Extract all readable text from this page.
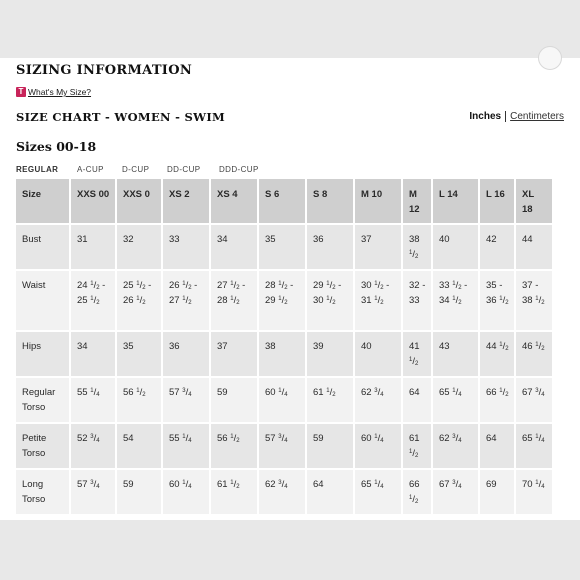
SIZING INFORMATION
T What's My Size?
SIZE CHART - WOMEN - SWIM	Inches Centimeters
Sizes 00-18
REGULAR A-CUP D-CUP DD-CUP DDD-CUP
Size	XXS 00	XXS 0	XS 2	XS 4	S 6	S 8	M 10	M 12	L 14	L 16	XL 18
Bust	31	32	33	34	35	36	37	38 $^1/_2$	40	42	44
Waist	24 $^1/_2 - 25$ $^1/_2$	25 $^1/_2 - 26$ $^1/_2$	26 $^1/_2 - 27$ $^1/_2$	27 $^1/_2 - 28$ $^1/_2$	28 $^1/_2 - 29$ $^1/_2$	29 $^1/_2 - 30$ $^1/_2$	30 $^1/_2 - 31$ $^1/_2$	32 - 33	33 $^1/_2 - 34$ $^1/_2$	35 - 36 $^1/_2$	37 - 38 $^1/_2$
Hips	34	35	36	37	38	39	40	41 $^1/_2$	43	44 $^1/_2$	46 $^1/_2$
Regular Torso	55 $^1/_4$	56 $^1/_2$	57 $^3/_4$	59	60 $^1/_4$	61 $^1/_2$	62 $^3/_4$	64	65 $^1/_4$	66 $^1/_2$	67 $^3/_4$
Petite Torso	52 $^3/_4$	54	55 $^1/_4$	56 $^1/_2$	57 $^3/_4$	59	60 $^1/_4$	61 $^1/_2$	62 $^3/_4$	64	65 $^1/_4$
Long Torso	57 $^3/_4$	59	60 $^1/_4$	61 $^1/_2$	62 $^3/_4$	64	65 $^1/_4$	66 $^1/_2$	67 $^3/_4$	69	70 $^1/_4$
